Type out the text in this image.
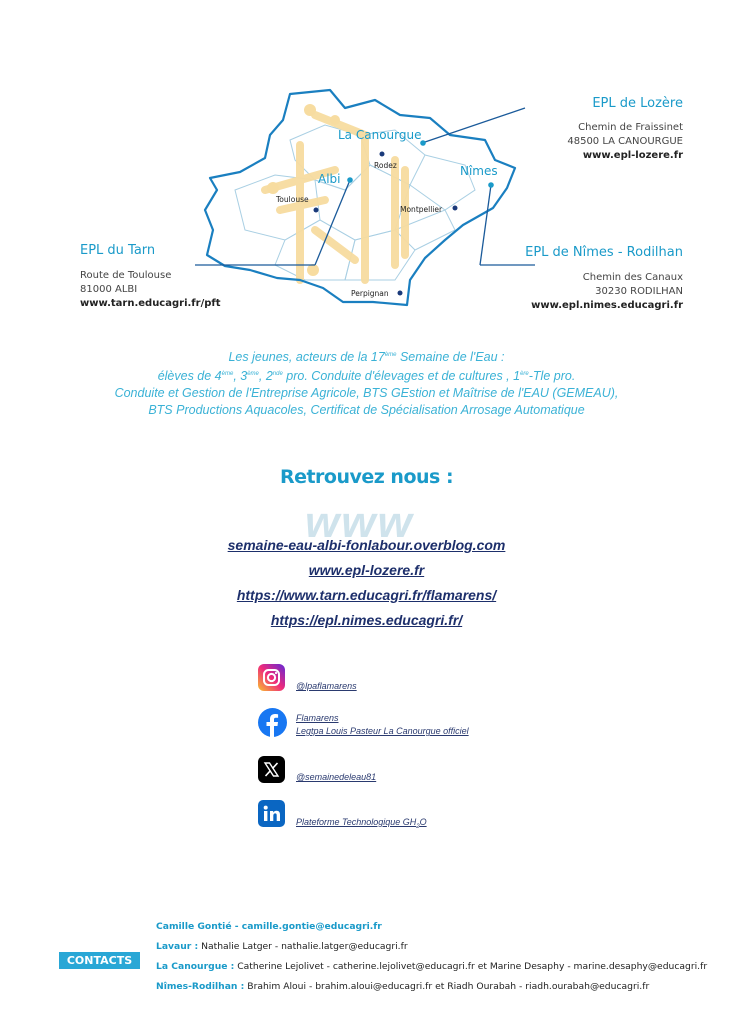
La Canourgue
Rodez
Albi
Nîmes
Toulouse
Montpellier
Perpignan
EPL de Lozère
Chemin de Fraissinet
48500 LA CANOURGUE
www.epl-lozere.fr
EPL du Tarn
Route de Toulouse
81000 ALBI
www.tarn.educagri.fr/pft
EPL de Nîmes - Rodilhan
Chemin des Canaux
30230 RODILHAN
www.epl.nimes.educagri.fr

Les jeunes, acteurs de la 17ème Semaine de l'Eau :

élèves de 4ème, 3ème, 2nde pro. Conduite d'élevages et de cultures , 1ère-Tle pro.

Conduite et Gestion de l'Entreprise Agricole, BTS GEstion et Maîtrise de l'EAU (GEMEAU),

BTS Productions Aquacoles, Certificat de Spécialisation Arrosage Automatique

Retrouvez nous :
www
semaine-eau-albi-fonlabour.overblog.com
www.epl-lozere.fr
https://www.tarn.educagri.fr/flamarens/
https://epl.nimes.educagri.fr/
@lpaflamarens
Flamarens
Legtpa Louis Pasteur La Canourgue officiel
@semainedeleau81
Plateforme Technologique $GH_2O$
CONTACTS
Camille Gontié - camille.gontie@educagri.fr
Lavaur : Nathalie Latger - nathalie.latger@educagri.fr
La Canourgue : Catherine Lejolivet - catherine.lejolivet@educagri.fr et Marine Desaphy - marine.desaphy@educagri.fr
Nîmes-Rodilhan : Brahim Aloui - brahim.aloui@educagri.fr et Riadh Ourabah - riadh.ourabah@educagri.fr
